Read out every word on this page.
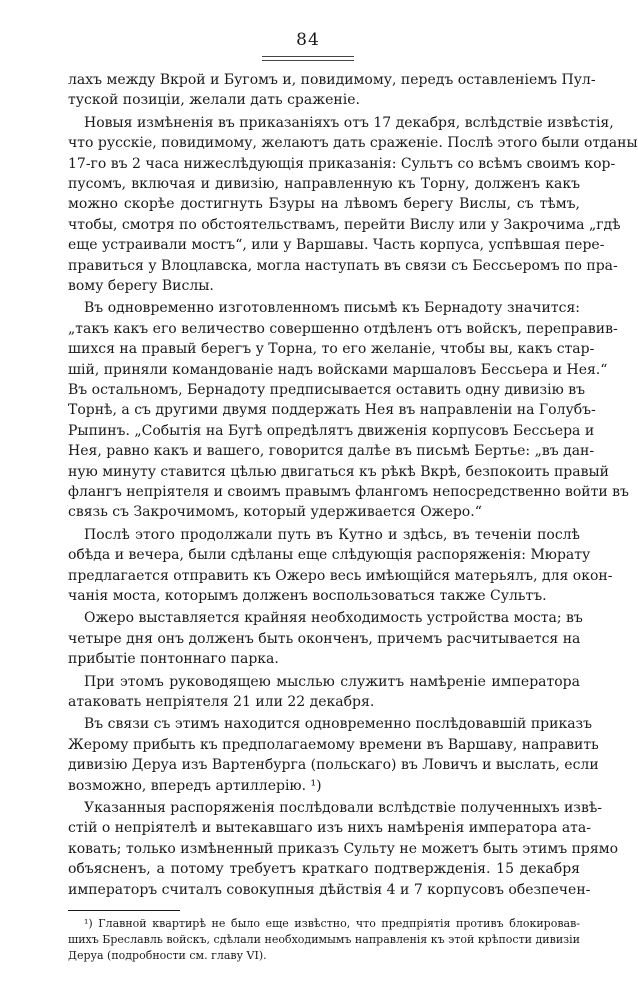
84
лахъ между Вкрой и Бугомъ и, повидимому, передъ оставленіемъ Пул-
тускoй позиціи, желали дать сраженіе.
Новыя измѣненія въ приказаніяхъ отъ 17 декабря, вслѣдствіе извѣстія,
что русскіе, повидимому, желаютъ дать сраженіе. Послѣ этого были отданы
17-го въ 2 часа нижеслѣдующія приказанія: Сультъ со всѣмъ своимъ кор-
пусомъ, включая и дивизію, направленную къ Торну, долженъ какъ
можно скорѣе достигнуть Бзуры на лѣвомъ берегу Вислы, съ тѣмъ,
чтобы, смотря по обстоятельствамъ, перейти Вислу или у Закрочима „гдѣ
еще устраивали мостъ“, или у Варшавы. Часть корпуса, успѣвшая пере-
правиться у Влоцлавска, могла наступать въ связи съ Бессьеромъ по пра-
вому берегу Вислы.
Въ одновременно изготовленномъ письмѣ къ Бернадоту значится:
„такъ какъ его величество совершенно отдѣленъ отъ войскъ, переправив-
шихся на правый берегъ у Торна, то его желаніе, чтобы вы, какъ стар-
шій, приняли командованіе надъ войсками маршаловъ Бессьера и Нея.“
Въ остальномъ, Бернадоту предписывается оставить одну дивизію въ
Торнѣ, а съ другими двумя поддержать Нея въ направленіи на Голубъ-
Рыпинъ. „Событія на Бугѣ опредѣлятъ движенія корпусовъ Бессьера и
Нея, равно какъ и вашего, говорится далѣе въ письмѣ Бертье: „въ дан-
ную минуту ставится цѣлью двигаться къ рѣкѣ Вкрѣ, безпокоить правый
флангъ непріятеля и своимъ правымъ флангомъ непосредственно войти въ
связь съ Закрочимомъ, который удерживается Ожеро.“
Послѣ этого продолжали путь въ Кутно и здѣсь, въ теченіи послѣ
обѣда и вечера, были сдѣланы еще слѣдующія распоряженія: Мюрату
предлагается отправить къ Ожеро весь имѣющійся матерьялъ, для окон-
чанія моста, которымъ долженъ воспользоваться также Сультъ.
Ожеро выставляется крайняя необходимость устройства моста; въ
четыре дня онъ долженъ быть оконченъ, причемъ расчитывается на
прибытіе понтоннаго парка.
При этомъ руководящею мыслью служитъ намѣреніе императора
атаковать непріятеля 21 или 22 декабря.
Въ связи съ этимъ находится одновременно послѣдовавшій приказъ
Жерому прибыть къ предполагаемому времени въ Варшаву, направить
дивизію Деруа изъ Вартенбурга (польскаго) въ Ловичъ и выслать, если
возможно, впередъ артиллерію. ¹)
Указанныя распоряженія послѣдовали вслѣдствіе полученныхъ извѣ-
стій о непріятелѣ и вытекавшаго изъ нихъ намѣренія императора ата-
ковать; только измѣненный приказъ Сульту не можетъ быть этимъ прямо
объясненъ, а потому требуетъ краткаго подтвержденія. 15 декабря
императоръ считалъ совокупныя дѣйствія 4 и 7 корпусовъ обезпечен-
¹) Главной квартирѣ не было еще извѣстно, что предпріятія противъ блокировав-
шихъ Бреславль войскъ, сдѣлали необходимымъ направленія къ этой крѣпости дивизіи
Деруа (подробности см. главу VI).
